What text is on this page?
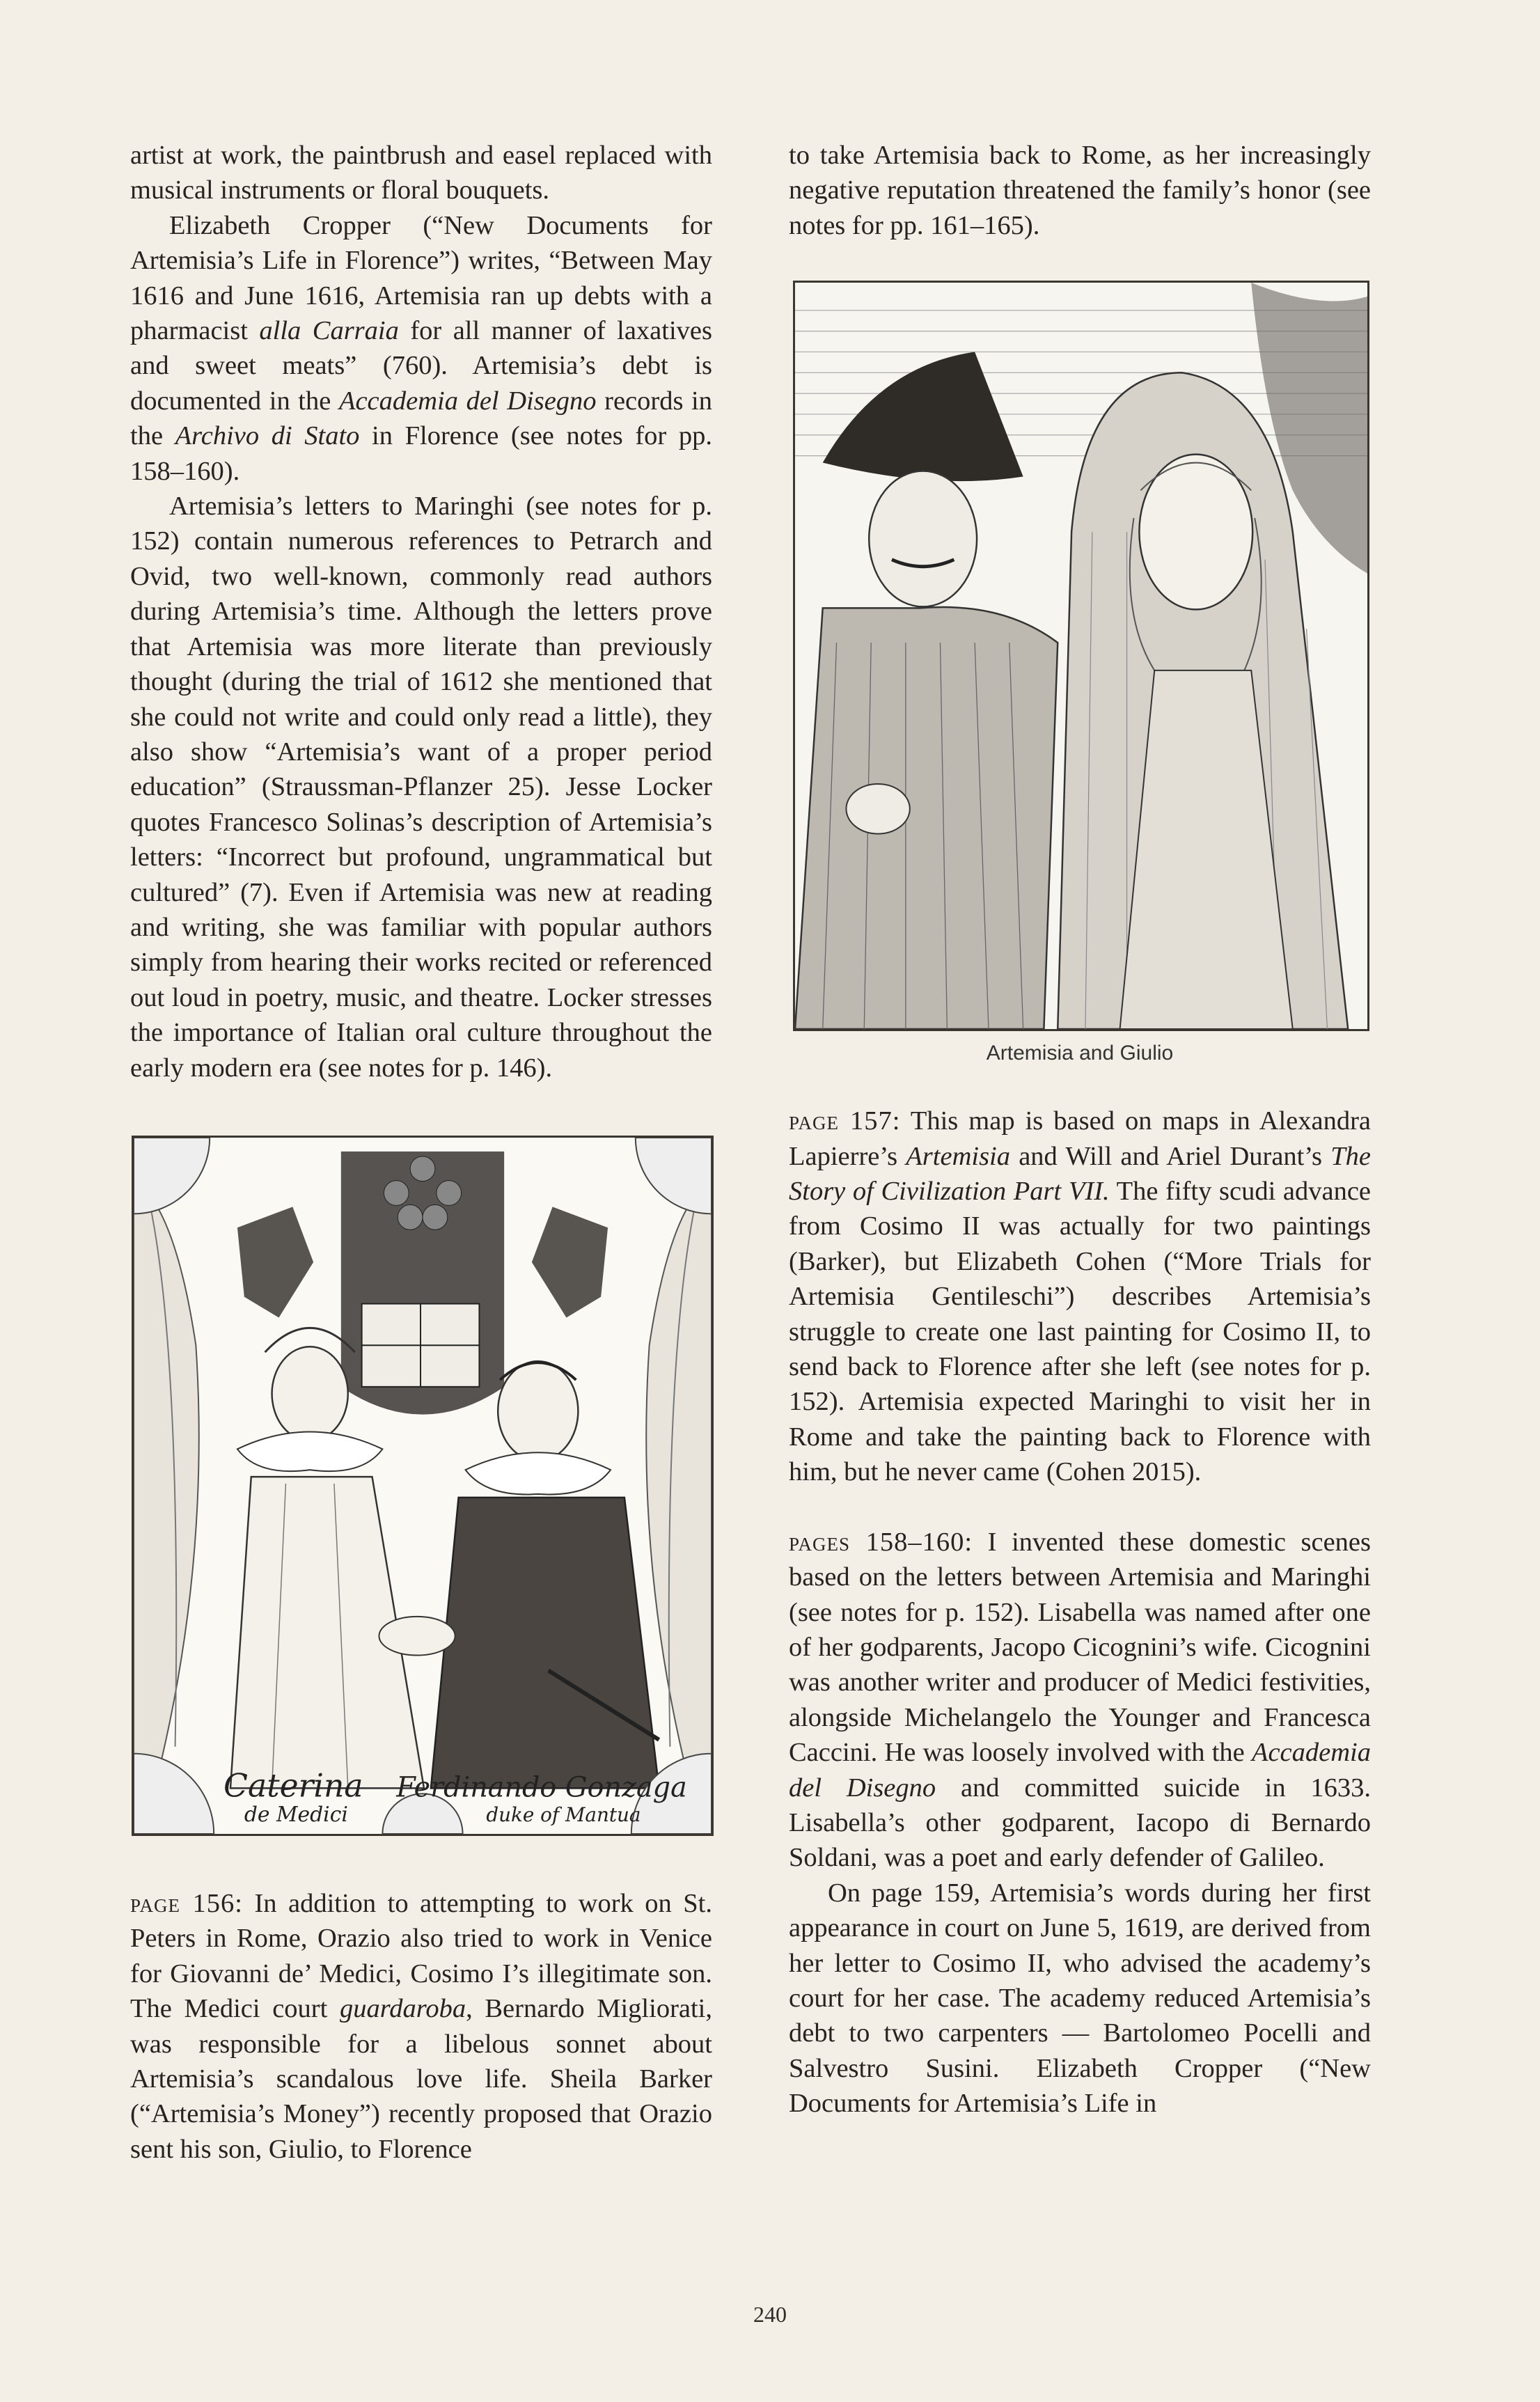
artist at work, the paintbrush and easel replaced with musical instruments or floral bouquets.

Elizabeth Cropper (“New Documents for Artemisia’s Life in Florence”) writes, “Between May 1616 and June 1616, Artemisia ran up debts with a pharmacist alla Carraia for all manner of laxatives and sweet meats” (760). Artemisia’s debt is documented in the Accademia del Disegno records in the Archivo di Stato in Florence (see notes for pp. 158–160).

Artemisia’s letters to Maringhi (see notes for p. 152) contain numerous references to Petrarch and Ovid, two well-known, commonly read authors during Artemisia’s time. Although the letters prove that Artemisia was more literate than previously thought (during the trial of 1612 she mentioned that she could not write and could only read a little), they also show “Artemisia’s want of a proper period education” (Straussman-Pflanzer 25). Jesse Locker quotes Francesco Solinas’s description of Artemisia’s letters: “Incorrect but profound, ungrammatical but cultured” (7). Even if Artemisia was new at reading and writing, she was familiar with popular authors simply from hearing their works recited or referenced out loud in poetry, music, and theatre. Locker stresses the importance of Italian oral culture throughout the early modern era (see notes for p. 146).

Caterina
de Medici
Ferdinando Gonzaga
duke of Mantua

page 156: In addition to attempting to work on St. Peters in Rome, Orazio also tried to work in Venice for Giovanni de’ Medici, Cosimo I’s illegitimate son. The Medici court guardaroba, Bernardo Migliorati, was responsible for a libelous sonnet about Artemisia’s scandalous love life. Sheila Barker (“Artemisia’s Money”) recently proposed that Orazio sent his son, Giulio, to Florence

to take Artemisia back to Rome, as her increasingly negative reputation threatened the family’s honor (see notes for pp. 161–165).

Artemisia and Giulio

page 157: This map is based on maps in Alexandra Lapierre’s Artemisia and Will and Ariel Durant’s The Story of Civilization Part VII. The fifty scudi advance from Cosimo II was actually for two paintings (Barker), but Elizabeth Cohen (“More Trials for Artemisia Gentileschi”) describes Artemisia’s struggle to create one last painting for Cosimo II, to send back to Florence after she left (see notes for p. 152). Artemisia expected Maringhi to visit her in Rome and take the painting back to Florence with him, but he never came (Cohen 2015).

pages 158–160: I invented these domestic scenes based on the letters between Artemisia and Maringhi (see notes for p. 152). Lisabella was named after one of her godparents, Jacopo Cicognini’s wife. Cicognini was another writer and producer of Medici festivities, alongside Michelangelo the Younger and Francesca Caccini. He was loosely involved with the Accademia del Disegno and committed suicide in 1633. Lisabella’s other godparent, Iacopo di Bernardo Soldani, was a poet and early defender of Galileo.

On page 159, Artemisia’s words during her first appearance in court on June 5, 1619, are derived from her letter to Cosimo II, who advised the academy’s court for her case. The academy reduced Artemisia’s debt to two carpenters — Bartolomeo Pocelli and Salvestro Susini. Elizabeth Cropper (“New Documents for Artemisia’s Life in

240
